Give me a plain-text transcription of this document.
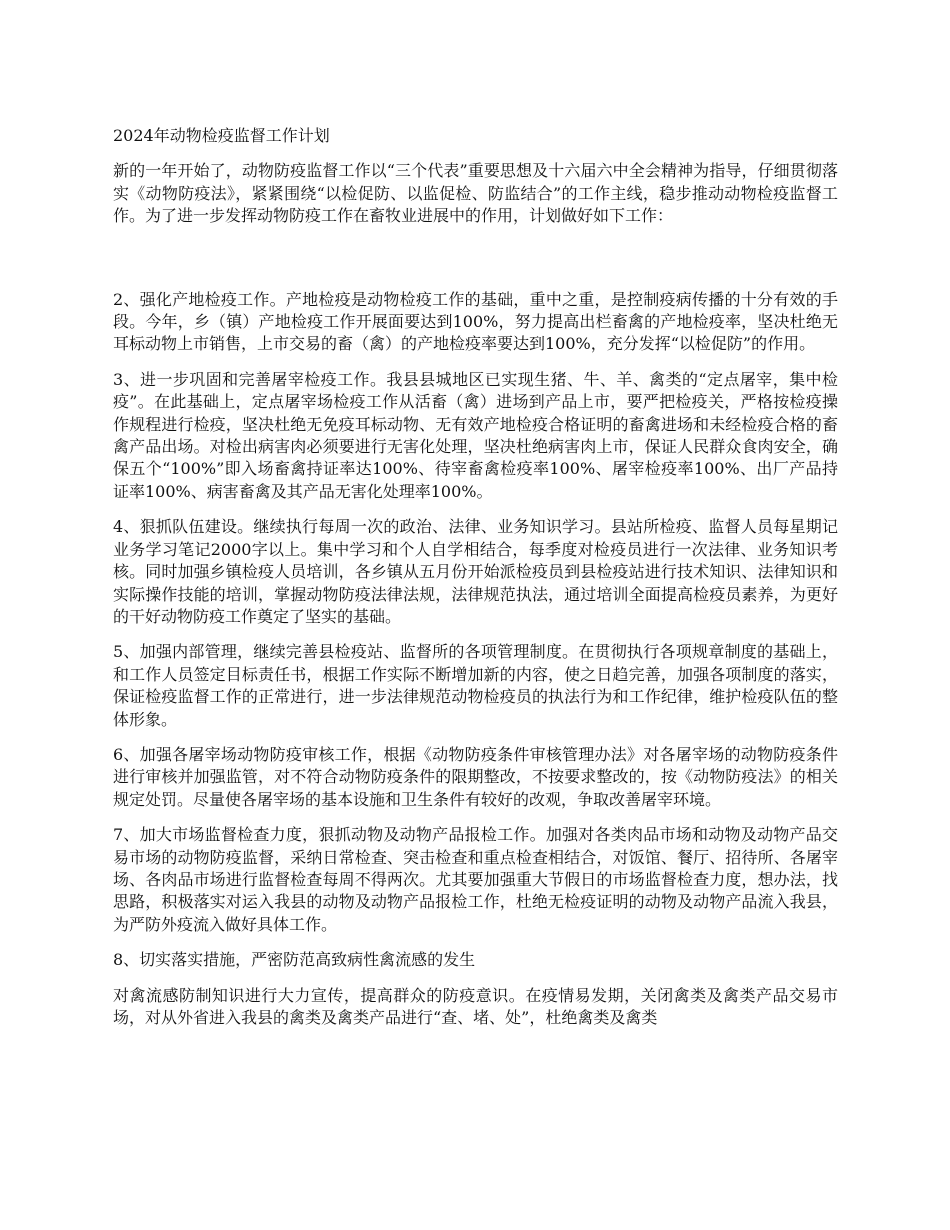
2024年动物检疫监督工作计划

新的一年开始了，动物防疫监督工作以“三个代表”重要思想及十六届六中全会精神为指导，仔细贯彻落实《动物防疫法》，紧紧围绕“以检促防、以监促检、防监结合”的工作主线，稳步推动动物检疫监督工作。为了进一步发挥动物防疫工作在畜牧业进展中的作用，计划做好如下工作：

2、强化产地检疫工作。产地检疫是动物检疫工作的基础，重中之重，是控制疫病传播的十分有效的手段。今年，乡（镇）产地检疫工作开展面要达到100%，努力提高出栏畜禽的产地检疫率，坚决杜绝无耳标动物上市销售，上市交易的畜（禽）的产地检疫率要达到100%，充分发挥“以检促防”的作用。

3、进一步巩固和完善屠宰检疫工作。我县县城地区已实现生猪、牛、羊、禽类的“定点屠宰，集中检疫”。在此基础上，定点屠宰场检疫工作从活畜（禽）进场到产品上市，要严把检疫关，严格按检疫操作规程进行检疫，坚决杜绝无免疫耳标动物、无有效产地检疫合格证明的畜禽进场和未经检疫合格的畜禽产品出场。对检出病害肉必须要进行无害化处理，坚决杜绝病害肉上市，保证人民群众食肉安全，确保五个“100%”即入场畜禽持证率达100%、待宰畜禽检疫率100%、屠宰检疫率100%、出厂产品持证率100%、病害畜禽及其产品无害化处理率100%。

4、狠抓队伍建设。继续执行每周一次的政治、法律、业务知识学习。县站所检疫、监督人员每星期记业务学习笔记2000字以上。集中学习和个人自学相结合，每季度对检疫员进行一次法律、业务知识考核。同时加强乡镇检疫人员培训，各乡镇从五月份开始派检疫员到县检疫站进行技术知识、法律知识和实际操作技能的培训，掌握动物防疫法律法规，法律规范执法，通过培训全面提高检疫员素养，为更好的干好动物防疫工作奠定了坚实的基础。

5、加强内部管理，继续完善县检疫站、监督所的各项管理制度。在贯彻执行各项规章制度的基础上，和工作人员签定目标责任书，根据工作实际不断增加新的内容，使之日趋完善，加强各项制度的落实，保证检疫监督工作的正常进行，进一步法律规范动物检疫员的执法行为和工作纪律，维护检疫队伍的整体形象。

6、加强各屠宰场动物防疫审核工作，根据《动物防疫条件审核管理办法》对各屠宰场的动物防疫条件进行审核并加强监管，对不符合动物防疫条件的限期整改，不按要求整改的，按《动物防疫法》的相关规定处罚。尽量使各屠宰场的基本设施和卫生条件有较好的改观，争取改善屠宰环境。

7、加大市场监督检查力度，狠抓动物及动物产品报检工作。加强对各类肉品市场和动物及动物产品交易市场的动物防疫监督，采纳日常检查、突击检查和重点检查相结合，对饭馆、餐厅、招待所、各屠宰场、各肉品市场进行监督检查每周不得两次。尤其要加强重大节假日的市场监督检查力度，想办法，找思路，积极落实对运入我县的动物及动物产品报检工作，杜绝无检疫证明的动物及动物产品流入我县，为严防外疫流入做好具体工作。

8、切实落实措施，严密防范高致病性禽流感的发生

对禽流感防制知识进行大力宣传，提高群众的防疫意识。在疫情易发期，关闭禽类及禽类产品交易市场，对从外省进入我县的禽类及禽类产品进行“查、堵、处”，杜绝禽类及禽类
